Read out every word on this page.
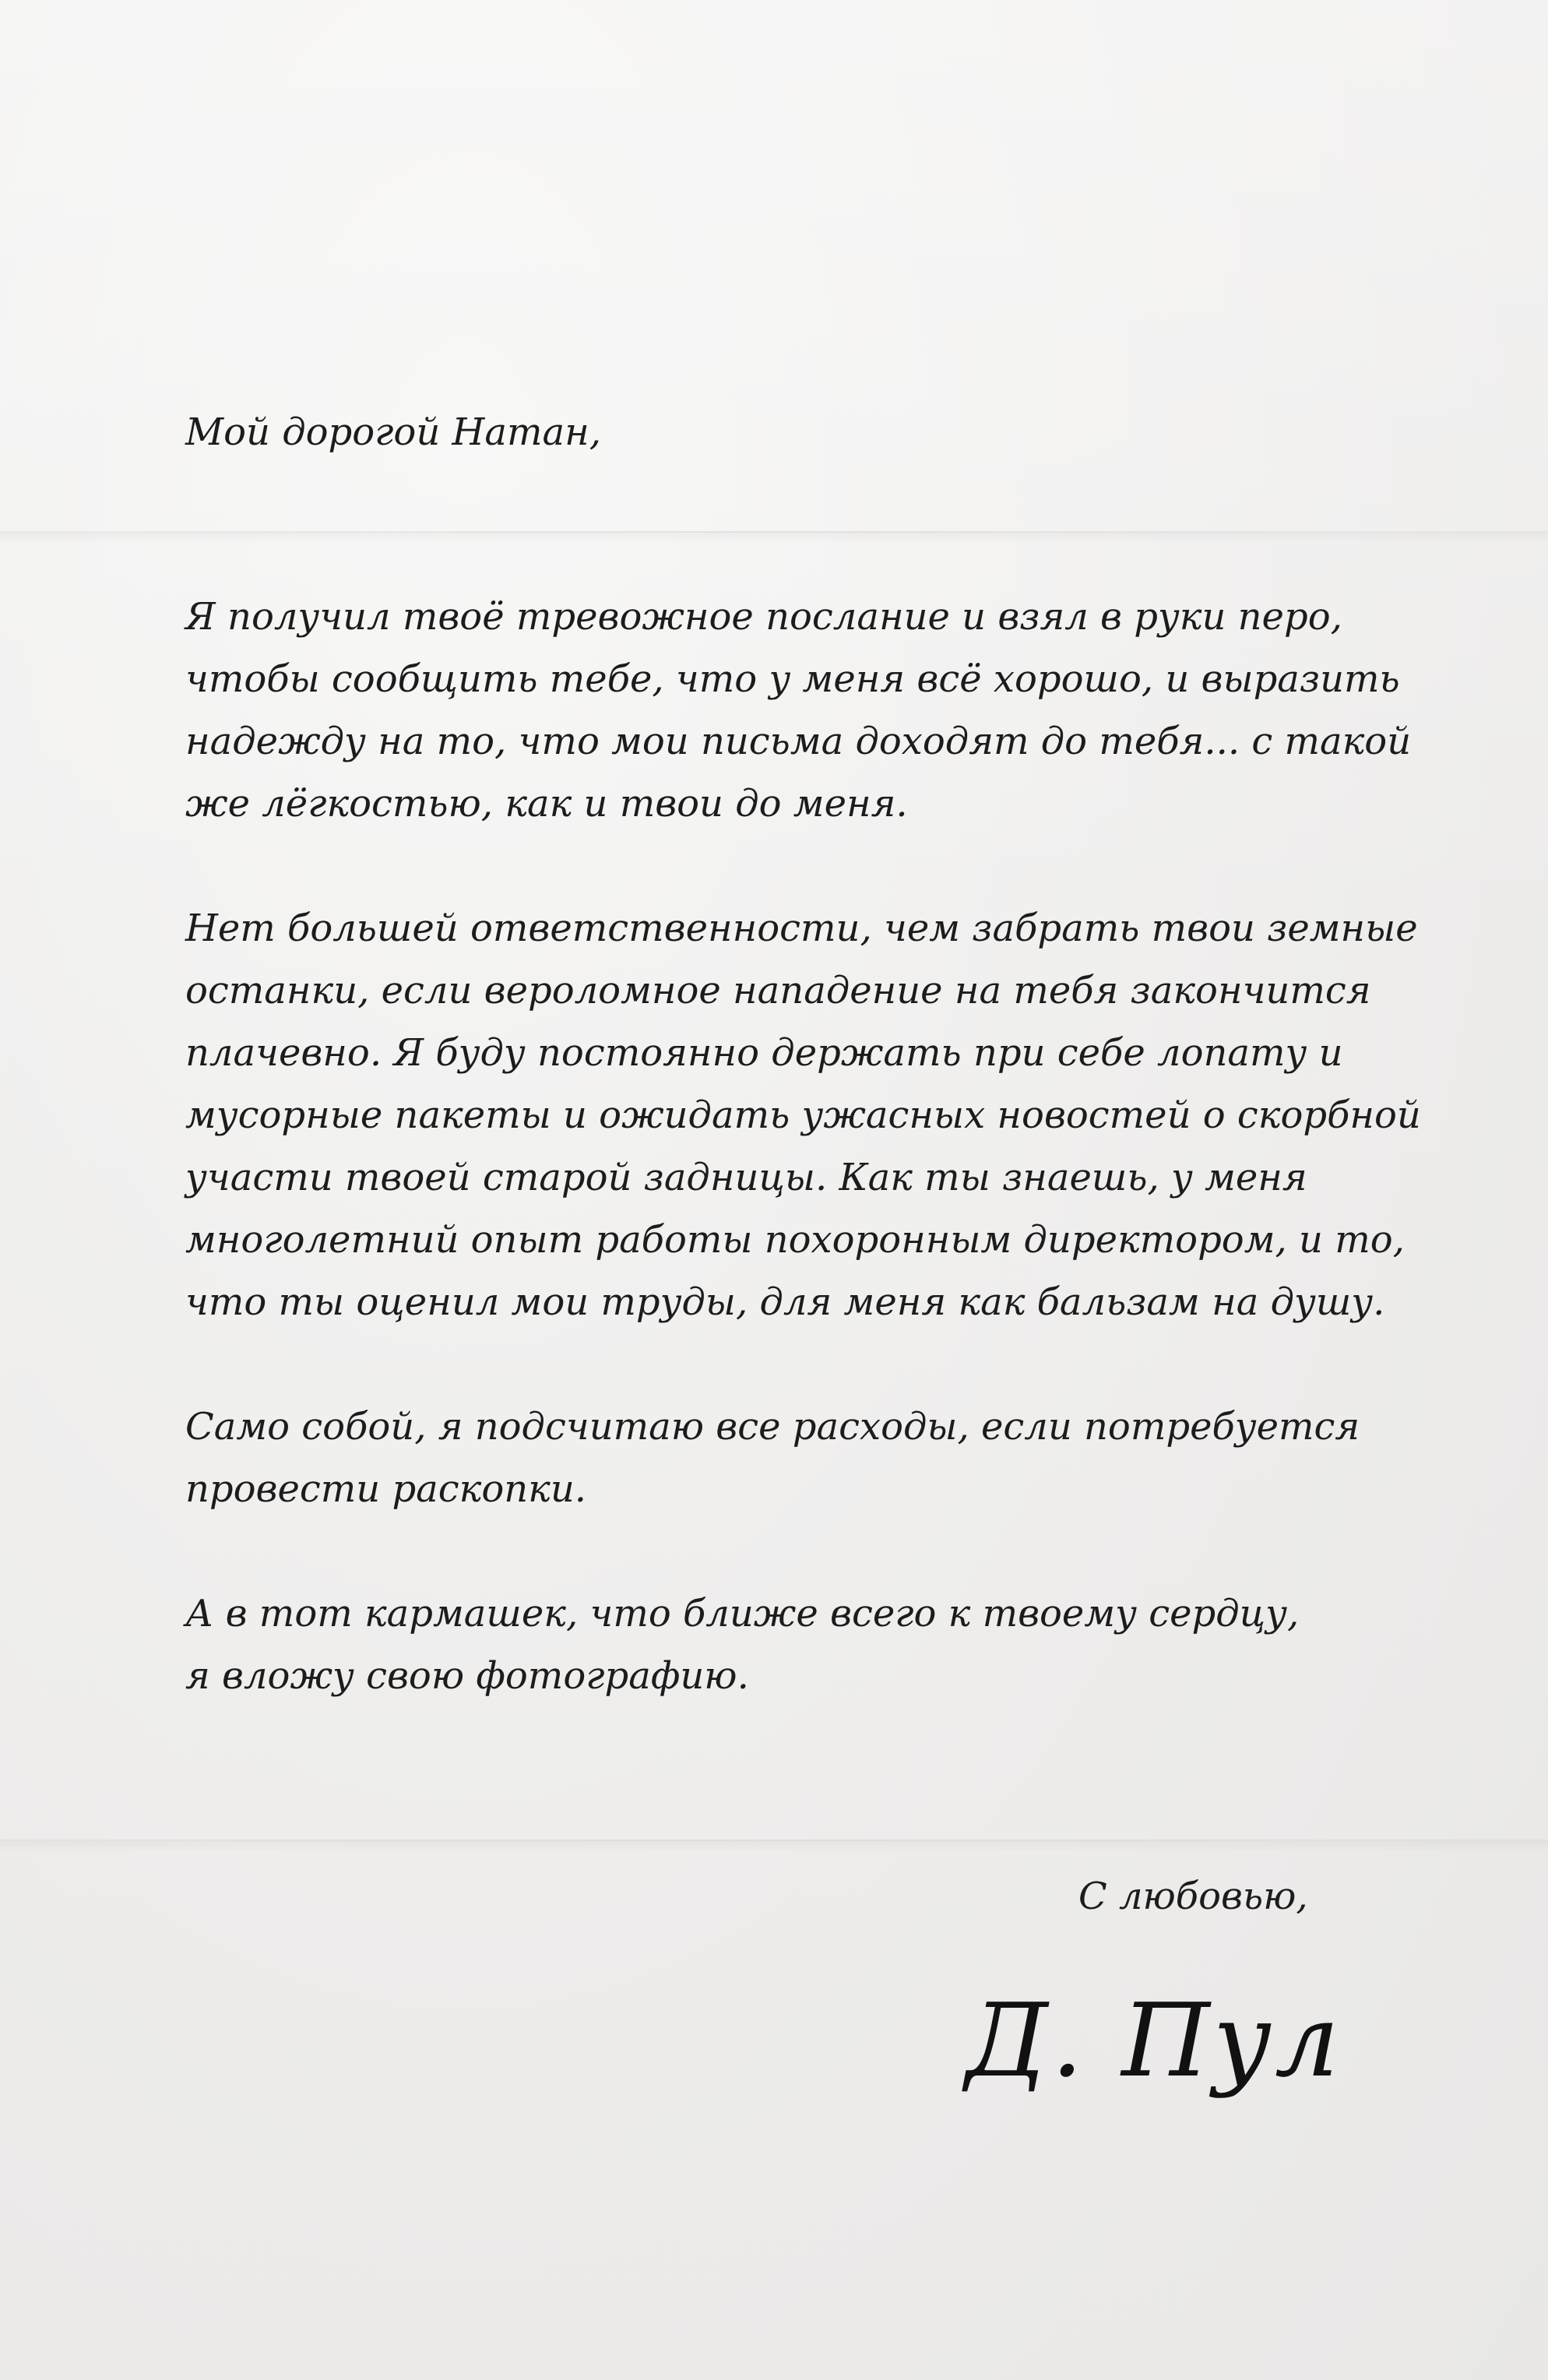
Мой дорогой Натан,
Я получил твоё тревожное послание и взял в руки перо,
чтобы сообщить тебе, что у меня всё хорошо, и выразить
надежду на то, что мои письма доходят до тебя... с такой
же лёгкостью, как и твои до меня.
Нет большей ответственности, чем забрать твои земные
останки, если вероломное нападение на тебя закончится
плачевно. Я буду постоянно держать при себе лопату и
мусорные пакеты и ожидать ужасных новостей о скорбной
участи твоей старой задницы. Как ты знаешь, у меня
многолетний опыт работы похоронным директором, и то,
что ты оценил мои труды, для меня как бальзам на душу.
Само собой, я подсчитаю все расходы, если потребуется
провести раскопки.
А в тот кармашек, что ближе всего к твоему сердцу,
я вложу свою фотографию.
С любовью,
Д. Пул
